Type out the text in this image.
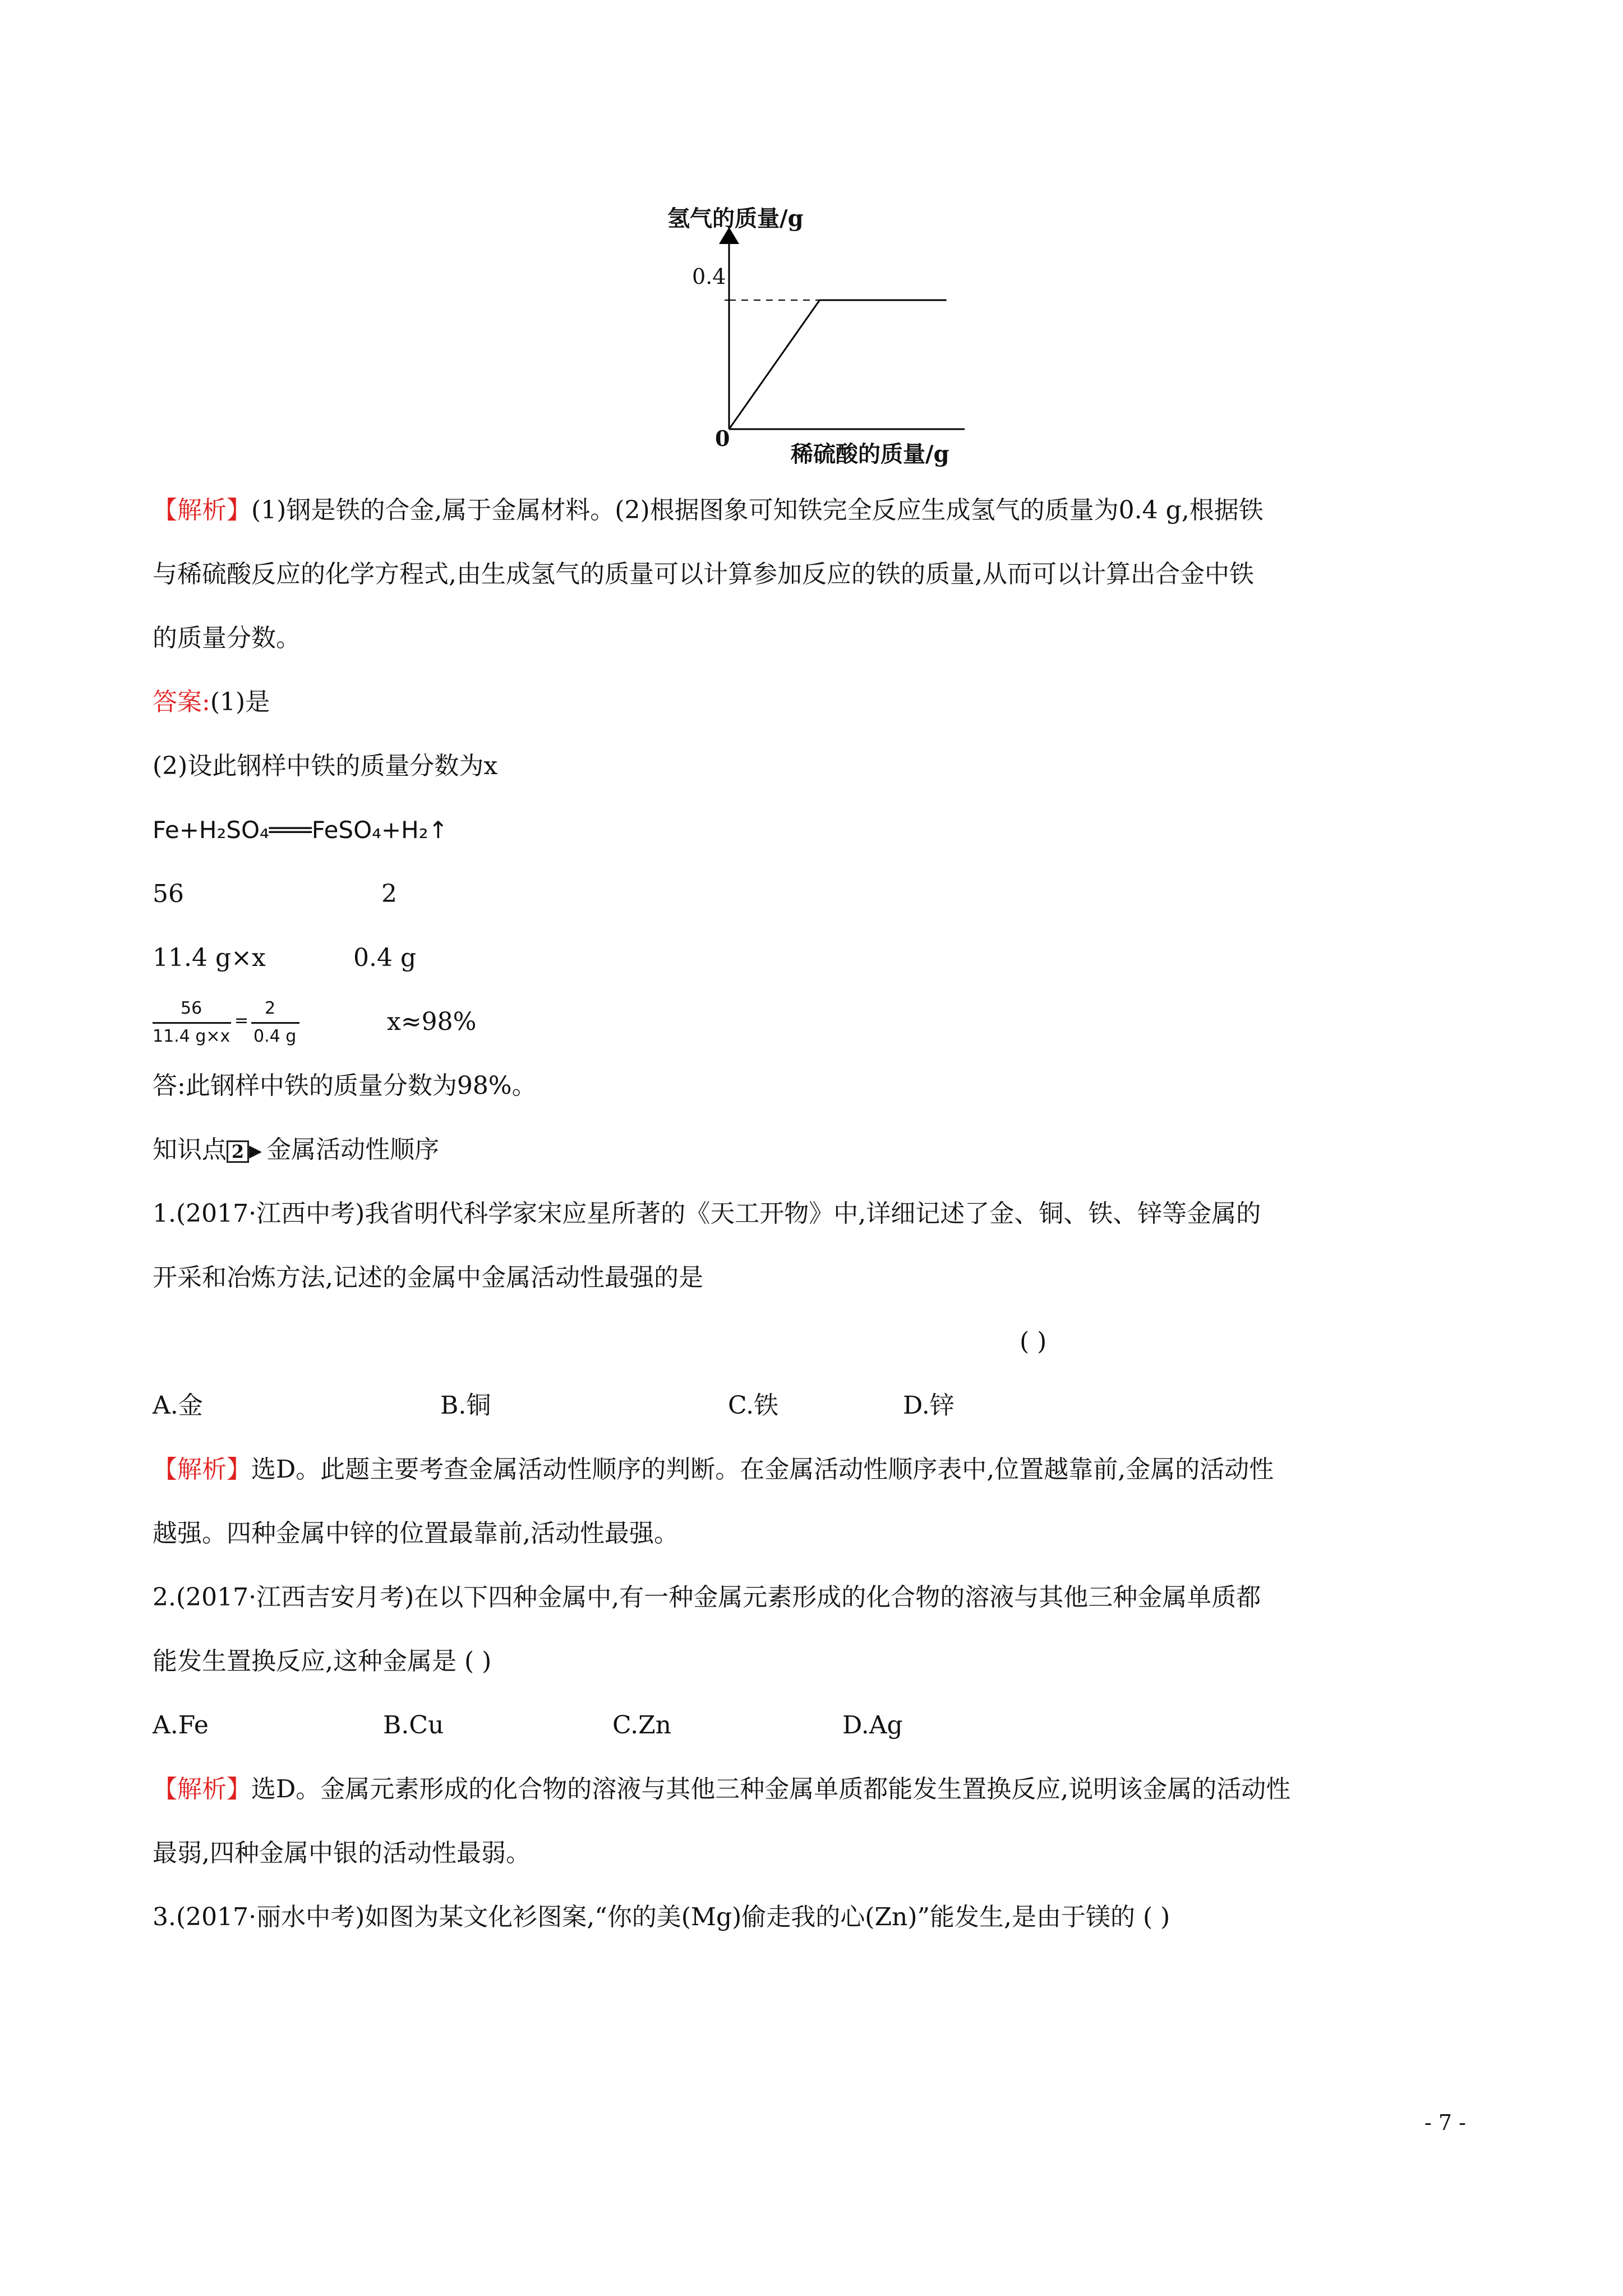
氢气的质量/g
稀硫酸的质量/g
0
0.4
【解析】(1)钢是铁的合金,属于金属材料。(2)根据图象可知铁完全反应生成氢气的质量为0.4 g,根据铁
与稀硫酸反应的化学方程式,由生成氢气的质量可以计算参加反应的铁的质量,从而可以计算出合金中铁
的质量分数。
答案:(1)是
(2)设此钢样中铁的质量分数为x
Fe+H₂SO₄═══FeSO₄+H₂↑
56	2
11.4 g×x	0.4 g
56
11.4 g×x
=
2
0.4 g
x≈98%
答:此钢样中铁的质量分数为98%。
知识点 2 ▶ 金属活动性顺序
1.(2017·江西中考)我省明代科学家宋应星所著的《天工开物》中,详细记述了金、铜、铁、锌等金属的
开采和冶炼方法,记述的金属中金属活动性最强的是
( )
A.金	B.铜	C.铁	D.锌
【解析】选D。此题主要考查金属活动性顺序的判断。在金属活动性顺序表中,位置越靠前,金属的活动性
越强。四种金属中锌的位置最靠前,活动性最强。
2.(2017·江西吉安月考)在以下四种金属中,有一种金属元素形成的化合物的溶液与其他三种金属单质都
能发生置换反应,这种金属是 ( )
A.Fe	B.Cu	C.Zn	D.Ag
【解析】选D。金属元素形成的化合物的溶液与其他三种金属单质都能发生置换反应,说明该金属的活动性
最弱,四种金属中银的活动性最弱。
3.(2017·丽水中考)如图为某文化衫图案,“你的美(Mg)偷走我的心(Zn)”能发生,是由于镁的 ( )
- 7 -
